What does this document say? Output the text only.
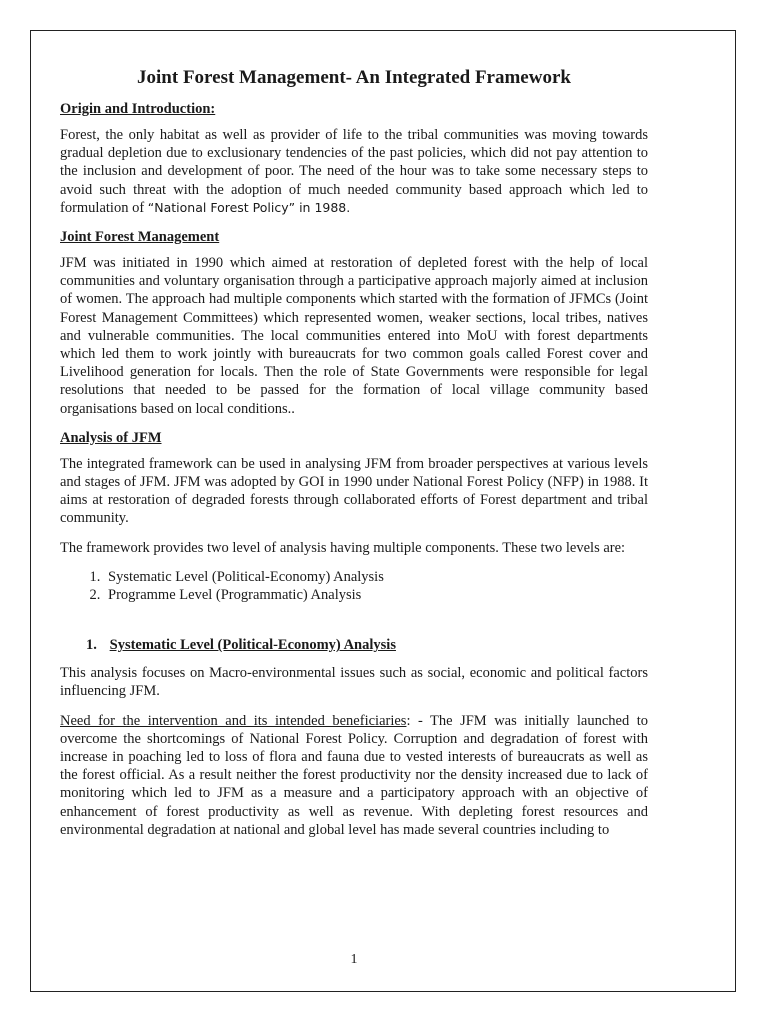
Joint Forest Management- An Integrated Framework
Origin and Introduction:

Forest, the only habitat as well as provider of life to the tribal communities was moving towards gradual depletion due to exclusionary tendencies of the past policies, which did not pay attention to the inclusion and development of poor. The need of the hour was to take some necessary steps to avoid such threat with the adoption of much needed community based approach which led to formulation of “National Forest Policy” in 1988.

Joint Forest Management

JFM was initiated in 1990 which aimed at restoration of depleted forest with the help of local communities and voluntary organisation through a participative approach majorly aimed at inclusion of women. The approach had multiple components which started with the formation of JFMCs (Joint Forest Management Committees) which represented women, weaker sections, local tribes, natives and vulnerable communities. The local communities entered into MoU with forest departments which led them to work jointly with bureaucrats for two common goals called Forest cover and Livelihood generation for locals. Then the role of State Governments were responsible for legal resolutions that needed to be passed for the formation of local village community based organisations based on local conditions..

Analysis of JFM

The integrated framework can be used in analysing JFM from broader perspectives at various levels and stages of JFM. JFM was adopted by GOI in 1990 under National Forest Policy (NFP) in 1988. It aims at restoration of degraded forests through collaborated efforts of Forest department and tribal community.

The framework provides two level of analysis having multiple components. These two levels are:

1. Systematic Level (Political-Economy) Analysis
2. Programme Level (Programmatic) Analysis
1. Systematic Level (Political-Economy) Analysis

This analysis focuses on Macro-environmental issues such as social, economic and political factors influencing JFM.

Need for the intervention and its intended beneficiaries: - The JFM was initially launched to overcome the shortcomings of National Forest Policy. Corruption and degradation of forest with increase in poaching led to loss of flora and fauna due to vested interests of bureaucrats as well as the forest official. As a result neither the forest productivity nor the density increased due to lack of monitoring which led to JFM as a measure and a participatory approach with an objective of enhancement of forest productivity as well as revenue. With depleting forest resources and environmental degradation at national and global level has made several countries including to

1
